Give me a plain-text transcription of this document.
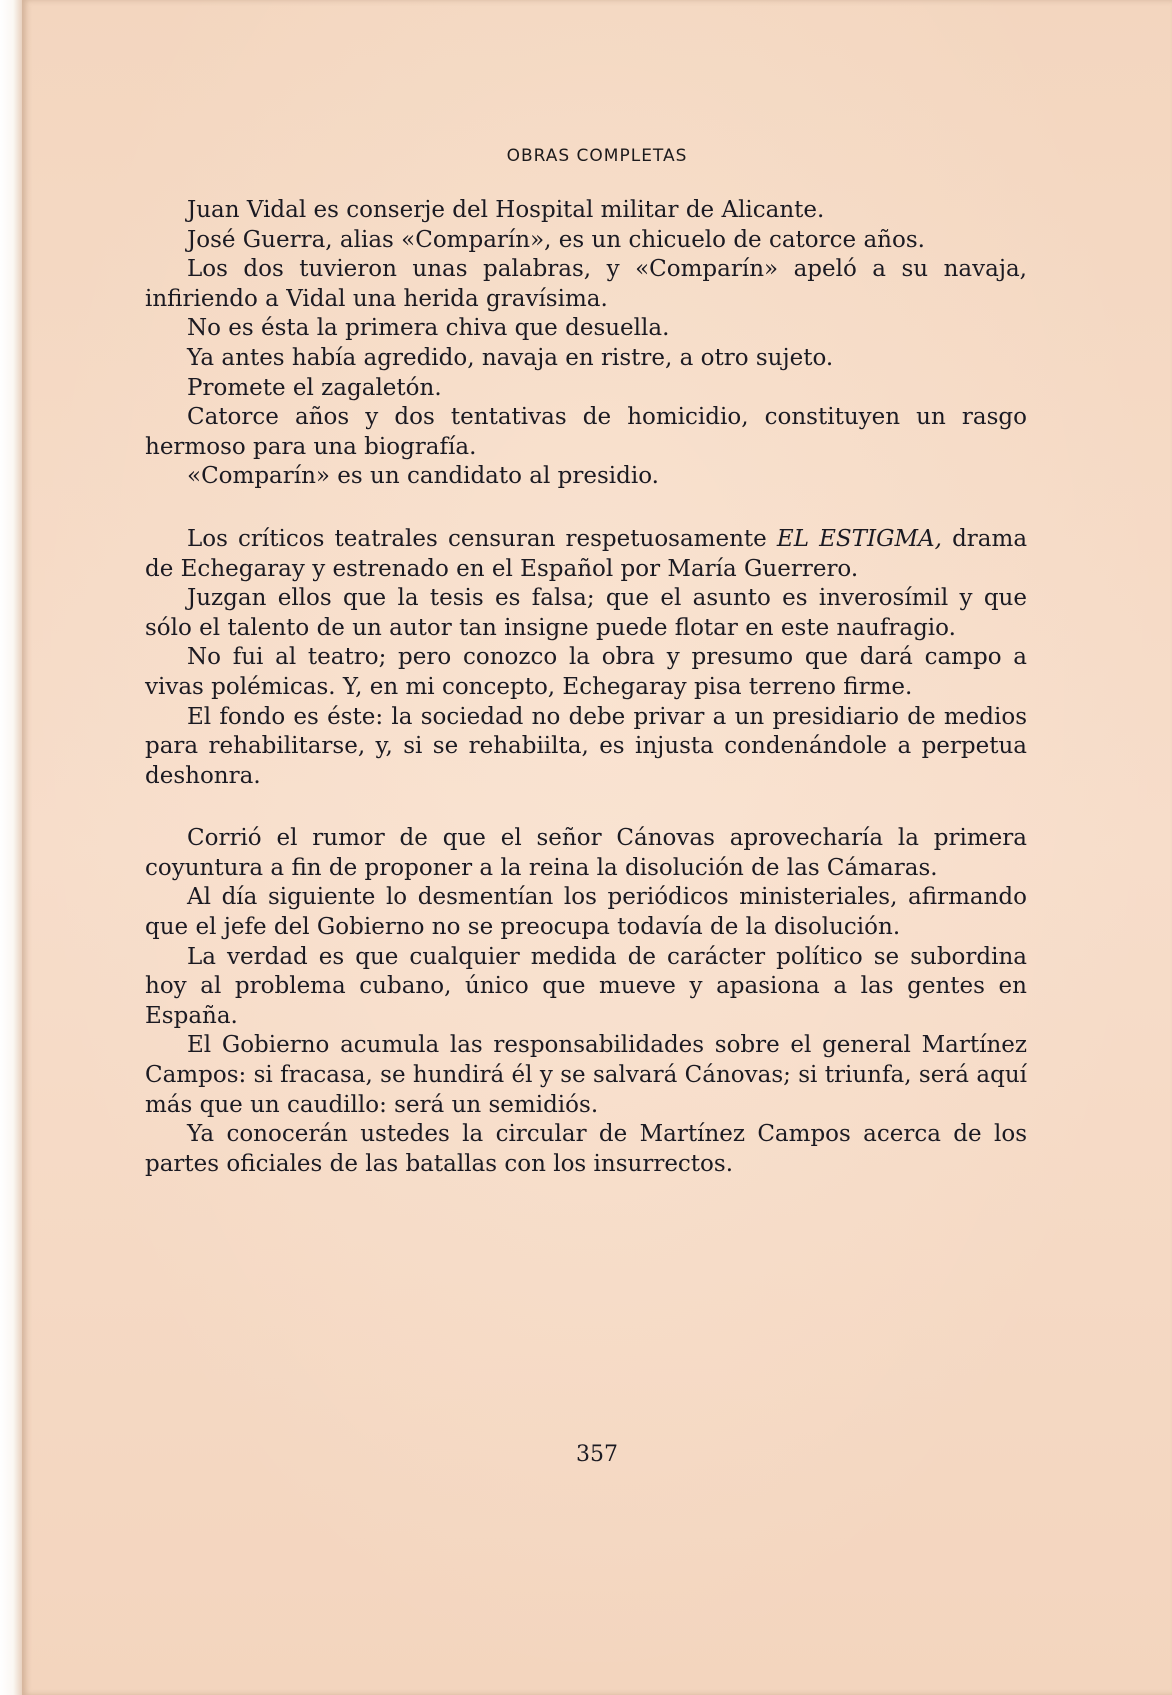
OBRAS COMPLETAS

Juan Vidal es conserje del Hospital militar de Alicante.

José Guerra, alias «Comparín», es un chicuelo de catorce años.

Los dos tuvieron unas palabras, y «Comparín» apeló a su navaja, infiriendo a Vidal una herida gravísima.

No es ésta la primera chiva que desuella.

Ya antes había agredido, navaja en ristre, a otro sujeto.

Promete el zagaletón.

Catorce años y dos tentativas de homicidio, constituyen un rasgo hermoso para una biografía.

«Comparín» es un candidato al presidio.

Los críticos teatrales censuran respetuosamente EL ESTIGMA, drama de Echegaray y estrenado en el Español por María Guerrero.

Juzgan ellos que la tesis es falsa; que el asunto es inverosímil y que sólo el talento de un autor tan insigne puede flotar en este naufragio.

No fui al teatro; pero conozco la obra y presumo que dará campo a vivas polémicas. Y, en mi concepto, Echegaray pisa terreno firme.

El fondo es éste: la sociedad no debe privar a un presidiario de medios para rehabilitarse, y, si se rehabiilta, es injusta condenándole a perpetua deshonra.

Corrió el rumor de que el señor Cánovas aprovecharía la primera coyuntura a fin de proponer a la reina la disolución de las Cámaras.

Al día siguiente lo desmentían los periódicos ministeriales, afirmando que el jefe del Gobierno no se preocupa todavía de la disolución.

La verdad es que cualquier medida de carácter político se subordina hoy al problema cubano, único que mueve y apasiona a las gentes en España.

El Gobierno acumula las responsabilidades sobre el general Martínez Campos: si fracasa, se hundirá él y se salvará Cánovas; si triunfa, será aquí más que un caudillo: será un semidiós.

Ya conocerán ustedes la circular de Martínez Campos acerca de los partes oficiales de las batallas con los insurrectos.

357
